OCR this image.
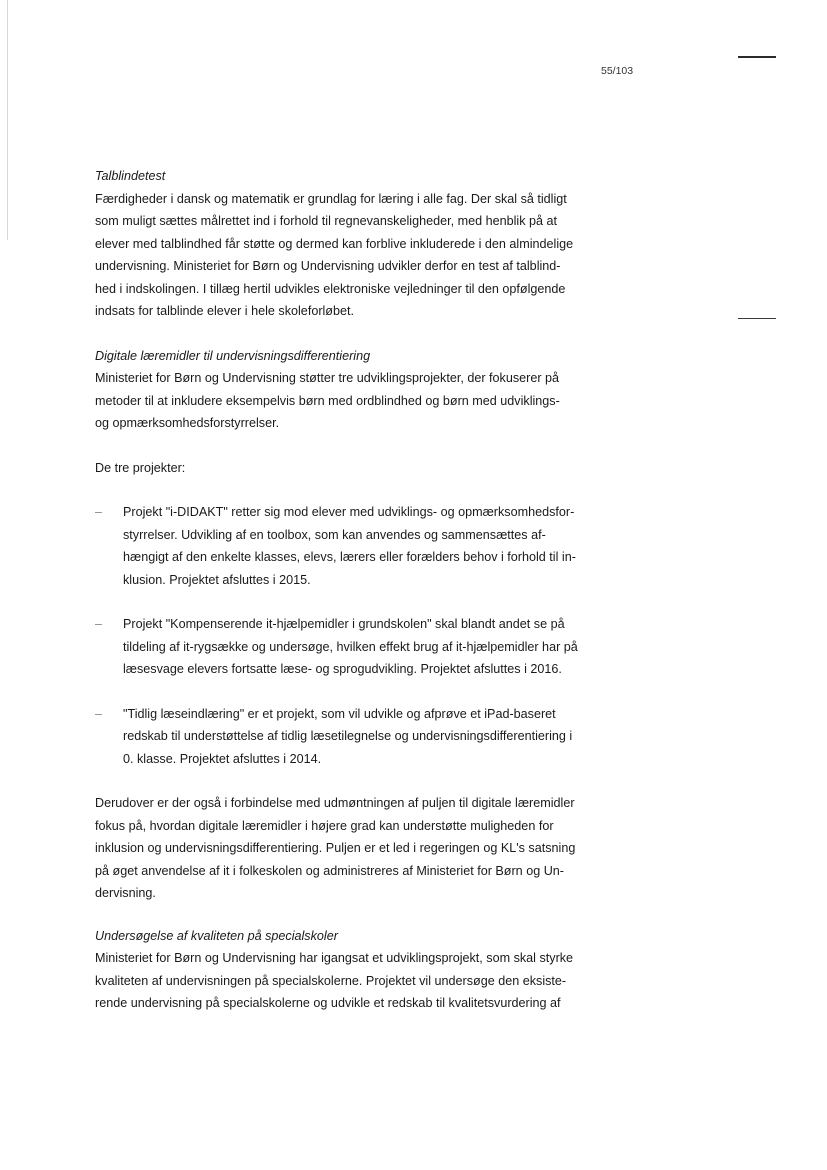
55/103

Talblindetest

Færdigheder i dansk og matematik er grundlag for læring i alle fag. Der skal så tidligt
som muligt sættes målrettet ind i forhold til regnevanskeligheder, med henblik på at
elever med talblindhed får støtte og dermed kan forblive inkluderede i den almindelige
undervisning. Ministeriet for Børn og Undervisning udvikler derfor en test af talblind-
hed i indskolingen. I tillæg hertil udvikles elektroniske vejledninger til den opfølgende
indsats for talblinde elever i hele skoleforløbet.

Digitale læremidler til undervisningsdifferentiering

Ministeriet for Børn og Undervisning støtter tre udviklingsprojekter, der fokuserer på
metoder til at inkludere eksempelvis børn med ordblindhed og børn med udviklings-
og opmærksomhedsforstyrrelser.
De tre projekter:
– Projekt "i-DIDAKT" retter sig mod elever med udviklings- og opmærksomhedsfor-
styrrelser. Udvikling af en toolbox, som kan anvendes og sammensættes af-
hængigt af den enkelte klasses, elevs, lærers eller forælders behov i forhold til in-
klusion. Projektet afsluttes i 2015.
– Projekt "Kompenserende it-hjælpemidler i grundskolen" skal blandt andet se på
tildeling af it-rygsække og undersøge, hvilken effekt brug af it-hjælpemidler har på
læsesvage elevers fortsatte læse- og sprogudvikling. Projektet afsluttes i 2016.
– "Tidlig læseindlæring" er et projekt, som vil udvikle og afprøve et iPad-baseret
redskab til understøttelse af tidlig læsetilegnelse og undervisningsdifferentiering i
0. klasse. Projektet afsluttes i 2014.
Derudover er der også i forbindelse med udmøntningen af puljen til digitale læremidler
fokus på, hvordan digitale læremidler i højere grad kan understøtte muligheden for
inklusion og undervisningsdifferentiering. Puljen er et led i regeringen og KL's satsning
på øget anvendelse af it i folkeskolen og administreres af Ministeriet for Børn og Un-
dervisning.

Undersøgelse af kvaliteten på specialskoler

Ministeriet for Børn og Undervisning har igangsat et udviklingsprojekt, som skal styrke
kvaliteten af undervisningen på specialskolerne. Projektet vil undersøge den eksiste-
rende undervisning på specialskolerne og udvikle et redskab til kvalitetsvurdering af
